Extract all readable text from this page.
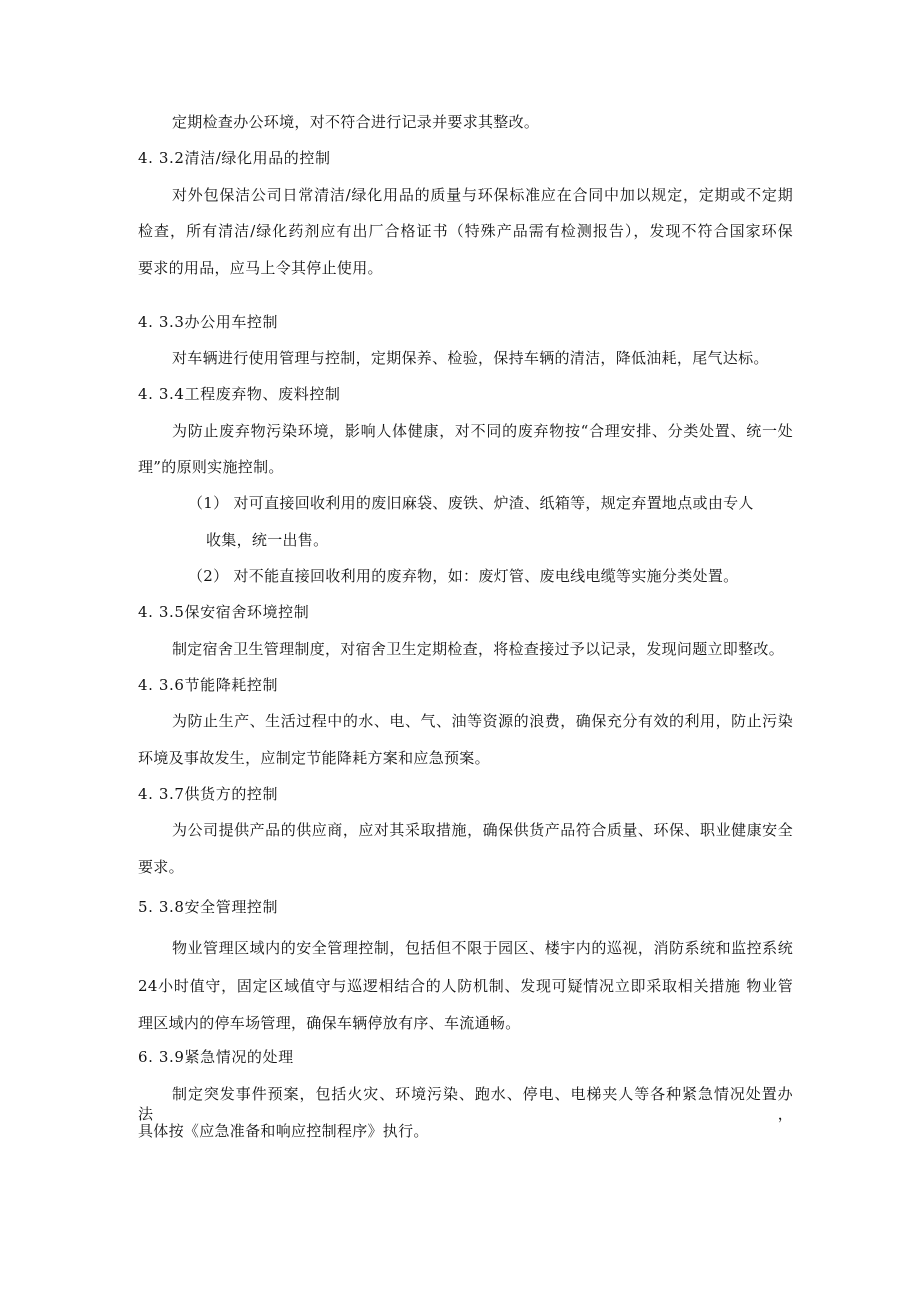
定期检查办公环境，对不符合进行记录并要求其整改。
4. 3.2清洁/绿化用品的控制
对外包保洁公司日常清洁/绿化用品的质量与环保标准应在合同中加以规定，定期或不定期
检查，所有清洁/绿化药剂应有出厂合格证书（特殊产品需有检测报告），发现不符合国家环保
要求的用品，应马上令其停止使用。
4. 3.3办公用车控制
对车辆进行使用管理与控制，定期保养、检验，保持车辆的清洁，降低油耗，尾气达标。
4. 3.4工程废弃物、废料控制
为防止废弃物污染环境，影响人体健康，对不同的废弃物按“合理安排、分类处置、统一处
理”的原则实施控制。
（1） 对可直接回收利用的废旧麻袋、废铁、炉渣、纸箱等，规定弃置地点或由专人
收集，统一出售。
（2） 对不能直接回收利用的废弃物，如：废灯管、废电线电缆等实施分类处置。
4. 3.5保安宿舍环境控制
制定宿舍卫生管理制度，对宿舍卫生定期检查，将检查接过予以记录，发现问题立即整改。
4. 3.6节能降耗控制
为防止生产、生活过程中的水、电、气、油等资源的浪费，确保充分有效的利用，防止污染
环境及事故发生，应制定节能降耗方案和应急预案。
4. 3.7供货方的控制
为公司提供产品的供应商，应对其采取措施，确保供货产品符合质量、环保、职业健康安全
要求。
5. 3.8安全管理控制
物业管理区域内的安全管理控制，包括但不限于园区、楼宇内的巡视，消防系统和监控系统
24小时值守，固定区域值守与巡逻相结合的人防机制、发现可疑情况立即采取相关措施 物业管
理区域内的停车场管理，确保车辆停放有序、车流通畅。
6. 3.9紧急情况的处理
制定突发事件预案，包括火灾、环境污染、跑水、停电、电梯夹人等各种紧急情况处置办法，
具体按《应急准备和响应控制程序》执行。
